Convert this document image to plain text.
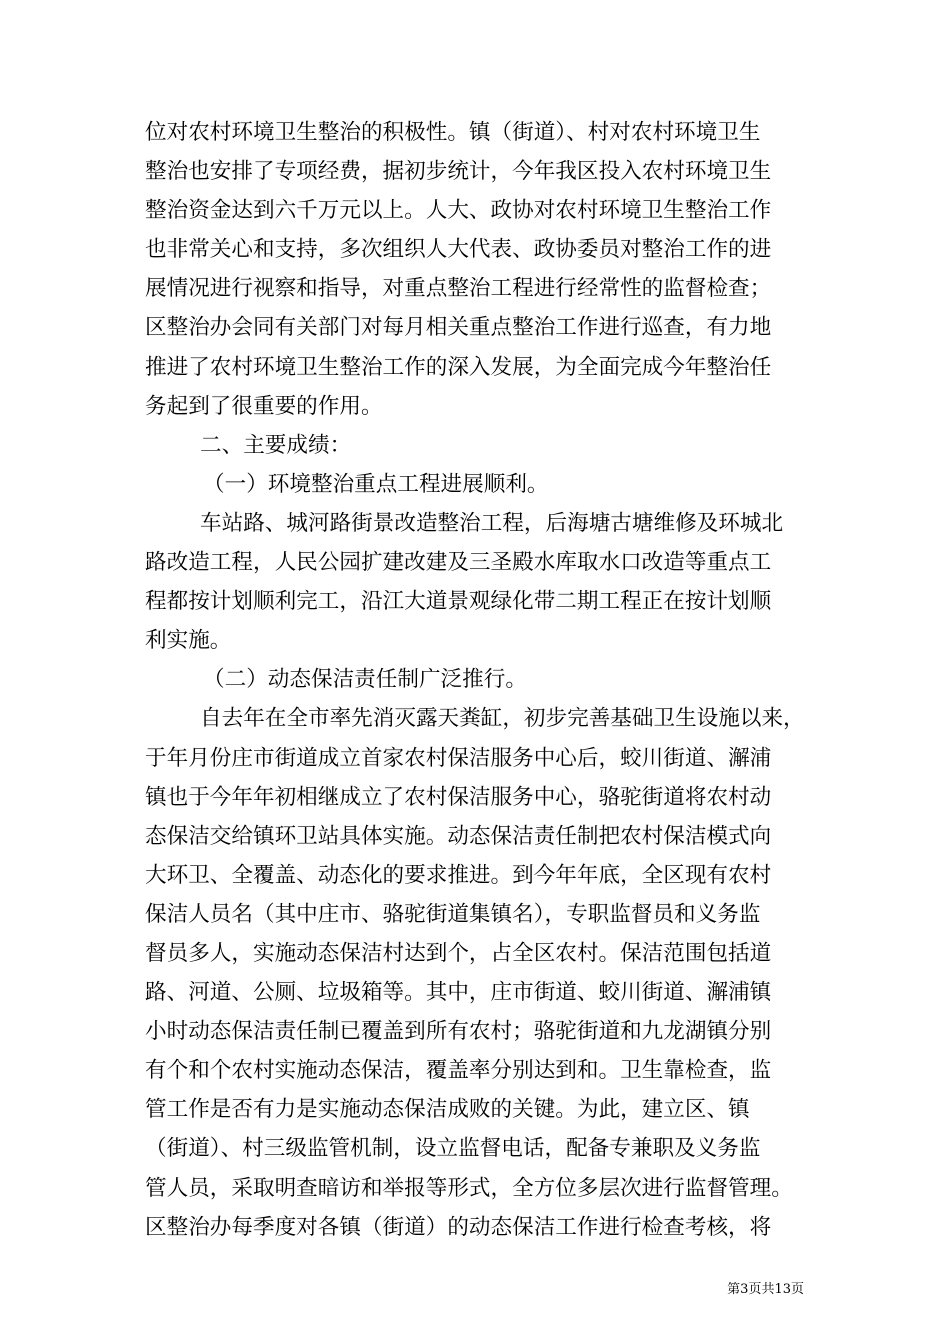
位对农村环境卫生整治的积极性。镇（街道）、村对农村环境卫生
整治也安排了专项经费，据初步统计，今年我区投入农村环境卫生
整治资金达到六千万元以上。人大、政协对农村环境卫生整治工作
也非常关心和支持，多次组织人大代表、政协委员对整治工作的进
展情况进行视察和指导，对重点整治工程进行经常性的监督检查；
区整治办会同有关部门对每月相关重点整治工作进行巡查，有力地
推进了农村环境卫生整治工作的深入发展，为全面完成今年整治任
务起到了很重要的作用。
二、主要成绩：
（一）环境整治重点工程进展顺利。
车站路、城河路街景改造整治工程，后海塘古塘维修及环城北
路改造工程，人民公园扩建改建及三圣殿水库取水口改造等重点工
程都按计划顺利完工，沿江大道景观绿化带二期工程正在按计划顺
利实施。
（二）动态保洁责任制广泛推行。
自去年在全市率先消灭露天粪缸，初步完善基础卫生设施以来，
于年月份庄市街道成立首家农村保洁服务中心后，蛟川街道、澥浦
镇也于今年年初相继成立了农村保洁服务中心，骆驼街道将农村动
态保洁交给镇环卫站具体实施。动态保洁责任制把农村保洁模式向
大环卫、全覆盖、动态化的要求推进。到今年年底，全区现有农村
保洁人员名（其中庄市、骆驼街道集镇名），专职监督员和义务监
督员多人，实施动态保洁村达到个，占全区农村。保洁范围包括道
路、河道、公厕、垃圾箱等。其中，庄市街道、蛟川街道、澥浦镇
小时动态保洁责任制已覆盖到所有农村；骆驼街道和九龙湖镇分别
有个和个农村实施动态保洁，覆盖率分别达到和。卫生靠检查，监
管工作是否有力是实施动态保洁成败的关键。为此，建立区、镇
（街道）、村三级监管机制，设立监督电话，配备专兼职及义务监
管人员，采取明查暗访和举报等形式，全方位多层次进行监督管理。
区整治办每季度对各镇（街道）的动态保洁工作进行检查考核，将
第3页共13页
